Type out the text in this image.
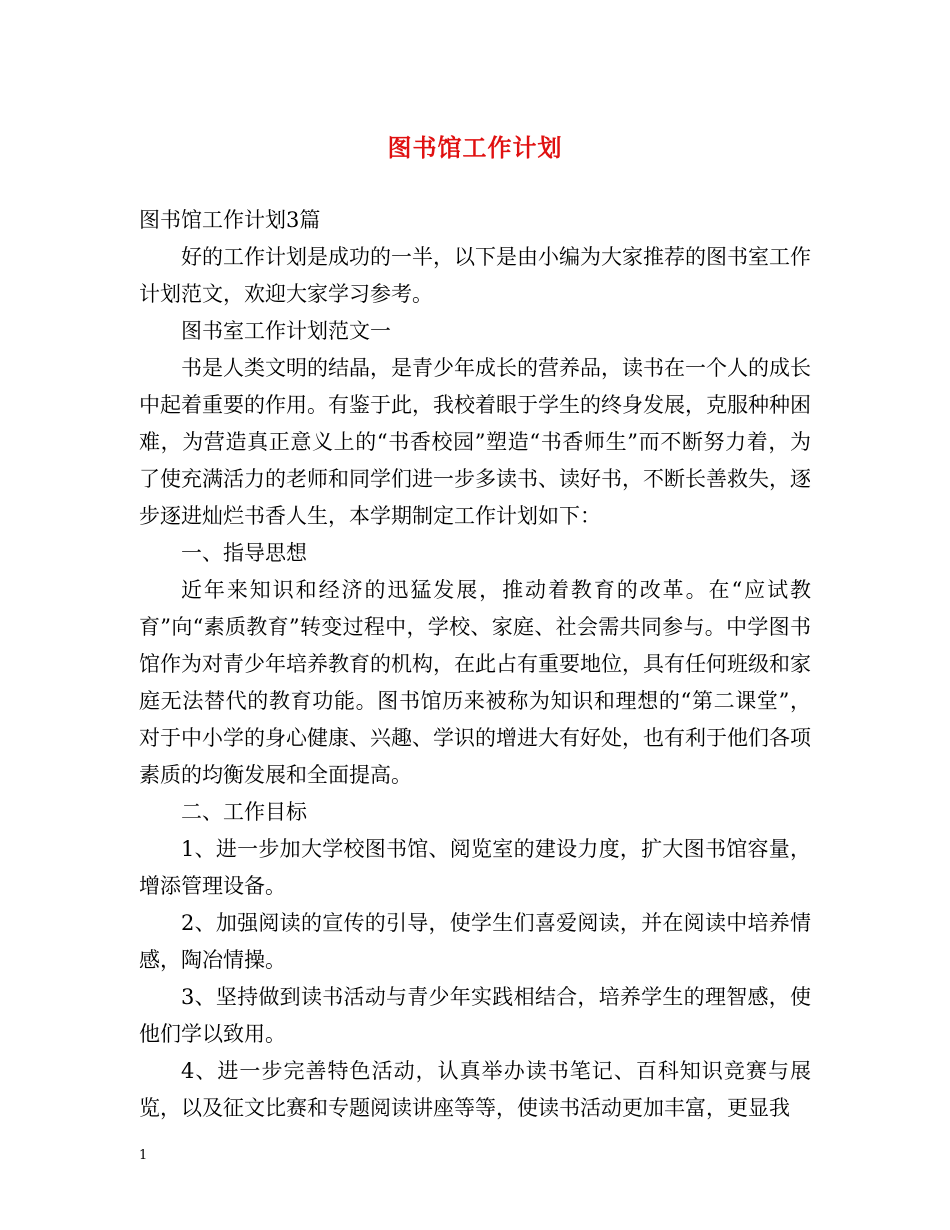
图书馆工作计划

图书馆工作计划3篇

好的工作计划是成功的一半，以下是由小编为大家推荐的图书室工作计划范文，欢迎大家学习参考。

图书室工作计划范文一

书是人类文明的结晶，是青少年成长的营养品，读书在一个人的成长中起着重要的作用。有鉴于此，我校着眼于学生的终身发展，克服种种困难，为营造真正意义上的“书香校园”塑造“书香师生”而不断努力着，为了使充满活力的老师和同学们进一步多读书、读好书，不断长善救失，逐步逐进灿烂书香人生，本学期制定工作计划如下：

一、指导思想

近年来知识和经济的迅猛发展，推动着教育的改革。在“应试教育”向“素质教育”转变过程中，学校、家庭、社会需共同参与。中学图书馆作为对青少年培养教育的机构，在此占有重要地位，具有任何班级和家庭无法替代的教育功能。图书馆历来被称为知识和理想的“第二课堂”，对于中小学的身心健康、兴趣、学识的增进大有好处，也有利于他们各项素质的均衡发展和全面提高。

二、工作目标

1、进一步加大学校图书馆、阅览室的建设力度，扩大图书馆容量，增添管理设备。

2、加强阅读的宣传的引导，使学生们喜爱阅读，并在阅读中培养情感，陶冶情操。

3、坚持做到读书活动与青少年实践相结合，培养学生的理智感，使他们学以致用。

4、进一步完善特色活动，认真举办读书笔记、百科知识竞赛与展览，以及征文比赛和专题阅读讲座等等，使读书活动更加丰富，更显我

1
